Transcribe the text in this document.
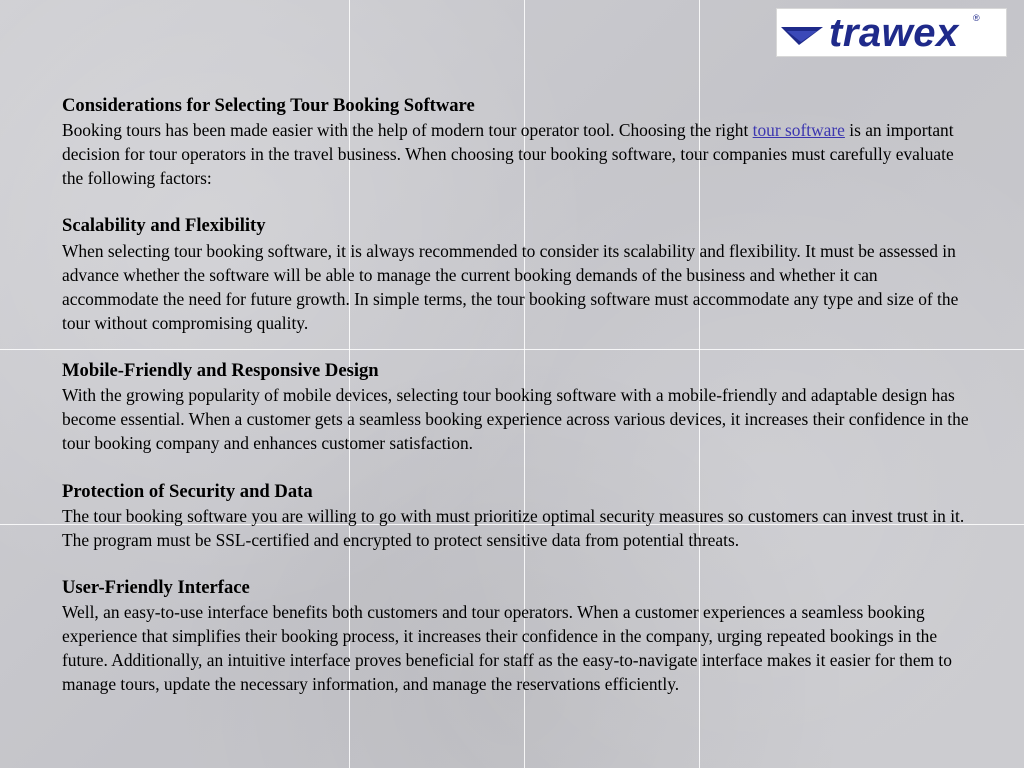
trawex ®
Considerations for Selecting Tour Booking Software

Booking tours has been made easier with the help of modern tour operator tool. Choosing the right tour software is an important decision for tour operators in the travel business. When choosing tour booking software, tour companies must carefully evaluate the following factors:

Scalability and Flexibility

When selecting tour booking software, it is always recommended to consider its scalability and flexibility. It must be assessed in advance whether the software will be able to manage the current booking demands of the business and whether it can accommodate the need for future growth. In simple terms, the tour booking software must accommodate any type and size of the tour without compromising quality.

Mobile-Friendly and Responsive Design

With the growing popularity of mobile devices, selecting tour booking software with a mobile-friendly and adaptable design has become essential. When a customer gets a seamless booking experience across various devices, it increases their confidence in the tour booking company and enhances customer satisfaction.

Protection of Security and Data

The tour booking software you are willing to go with must prioritize optimal security measures so customers can invest trust in it. The program must be SSL-certified and encrypted to protect sensitive data from potential threats.

User-Friendly Interface

Well, an easy-to-use interface benefits both customers and tour operators. When a customer experiences a seamless booking experience that simplifies their booking process, it increases their confidence in the company, urging repeated bookings in the future. Additionally, an intuitive interface proves beneficial for staff as the easy-to-navigate interface makes it easier for them to manage tours, update the necessary information, and manage the reservations efficiently.
